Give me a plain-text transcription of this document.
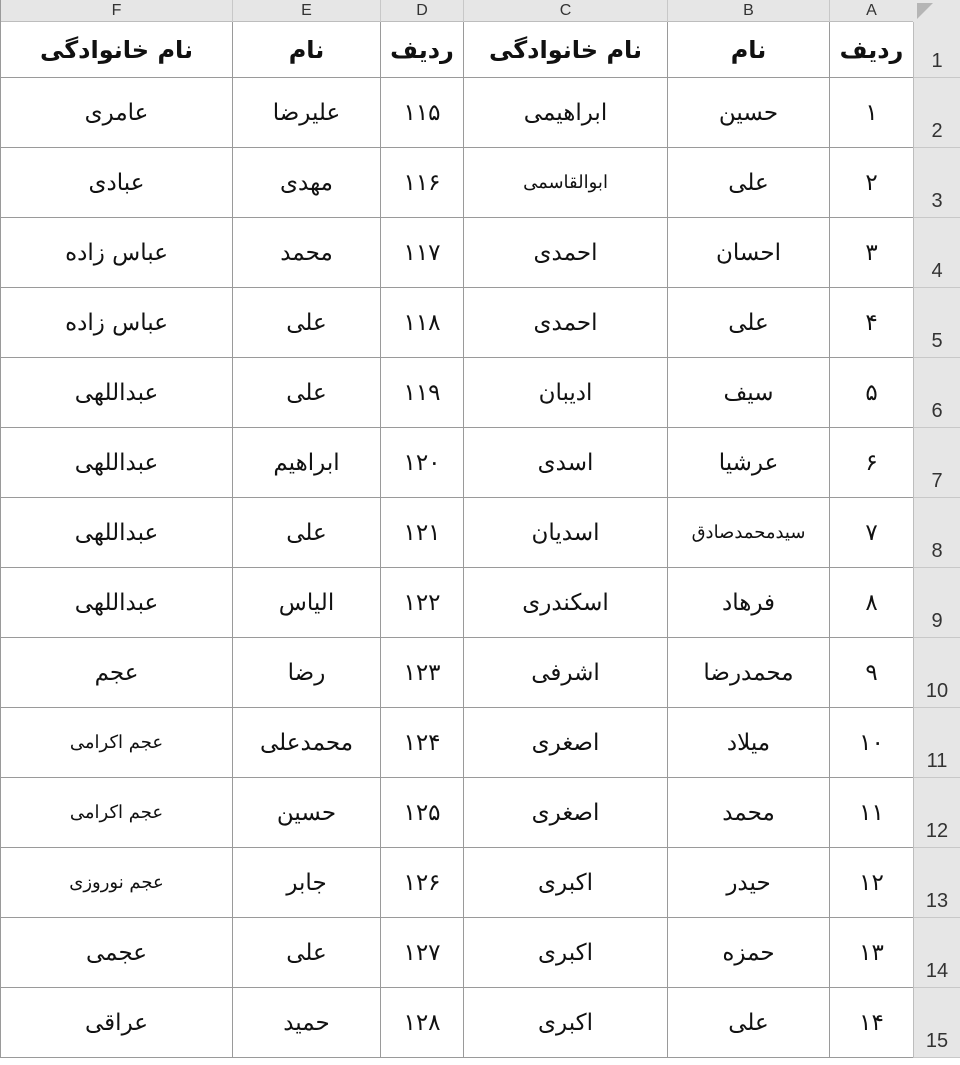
A
B
C
D
E
F
1
ردیف
نام
نام خانوادگی
ردیف
نام
نام خانوادگی
2
۱
حسین
ابراهیمی
۱۱۵
علیرضا
عامری
3
۲
علی
ابوالقاسمی
۱۱۶
مهدی
عبادی
4
۳
احسان
احمدی
۱۱۷
محمد
عباس زاده
5
۴
علی
احمدی
۱۱۸
علی
عباس زاده
6
۵
سیف
ادیبان
۱۱۹
علی
عبداللهی
7
۶
عرشیا
اسدی
۱۲۰
ابراهیم
عبداللهی
8
۷
سیدمحمدصادق
اسدیان
۱۲۱
علی
عبداللهی
9
۸
فرهاد
اسکندری
۱۲۲
الیاس
عبداللهی
10
۹
محمدرضا
اشرفی
۱۲۳
رضا
عجم
11
۱۰
میلاد
اصغری
۱۲۴
محمدعلی
عجم اکرامی
12
۱۱
محمد
اصغری
۱۲۵
حسین
عجم اکرامی
13
۱۲
حیدر
اکبری
۱۲۶
جابر
عجم نوروزی
14
۱۳
حمزه
اکبری
۱۲۷
علی
عجمی
15
۱۴
علی
اکبری
۱۲۸
حمید
عراقی
